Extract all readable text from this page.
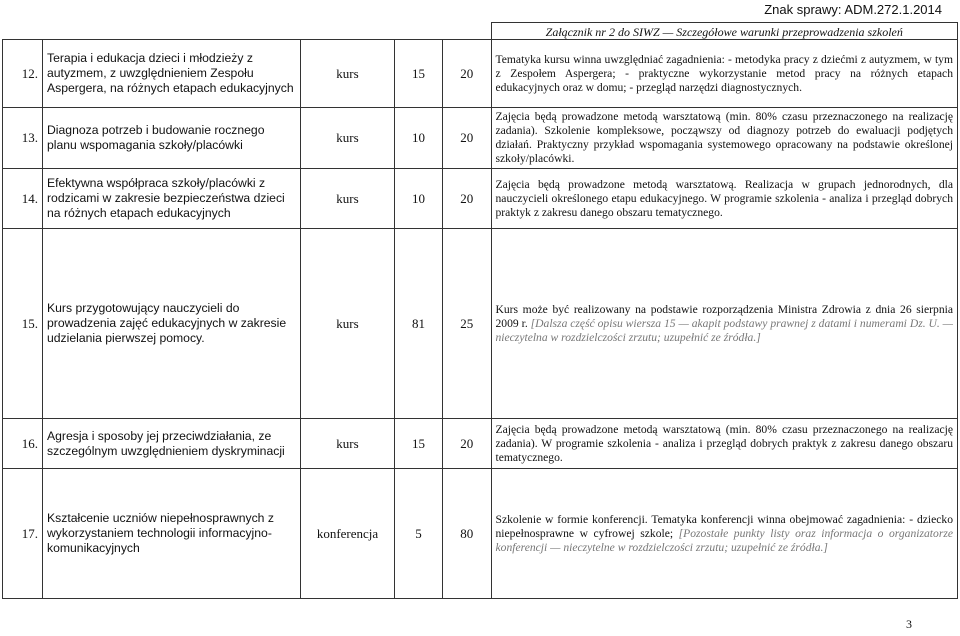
Znak sprawy: ADM.272.1.2014
					Załącznik nr 2 do SIWZ — Szczegółowe warunki przeprowadzenia szkoleń
12.	Terapia i edukacja dzieci i młodzieży z autyzmem, z uwzględnieniem Zespołu Aspergera, na różnych etapach edukacyjnych	kurs	15	20	Tematyka kursu winna uwzględniać zagadnienia: - metodyka pracy z dziećmi z autyzmem, w tym z Zespołem Aspergera; - praktyczne wykorzystanie metod pracy na różnych etapach edukacyjnych oraz w domu; - przegląd narzędzi diagnostycznych.
13.	Diagnoza potrzeb i budowanie rocznego planu wspomagania szkoły/placówki	kurs	10	20	Zajęcia będą prowadzone metodą warsztatową (min. 80% czasu przeznaczonego na realizację zadania). Szkolenie kompleksowe, począwszy od diagnozy potrzeb do ewaluacji podjętych działań. Praktyczny przykład wspomagania systemowego opracowany na podstawie określonej szkoły/placówki.
14.	Efektywna współpraca szkoły/placówki z rodzicami w zakresie bezpieczeństwa dzieci na różnych etapach edukacyjnych	kurs	10	20	Zajęcia będą prowadzone metodą warsztatową. Realizacja w grupach jednorodnych, dla nauczycieli określonego etapu edukacyjnego. W programie szkolenia - analiza i przegląd dobrych praktyk z zakresu danego obszaru tematycznego.
15.	Kurs przygotowujący nauczycieli do prowadzenia zajęć edukacyjnych w zakresie udzielania pierwszej pomocy.	kurs	81	25	Kurs może być realizowany na podstawie rozporządzenia Ministra Zdrowia z dnia 26 sierpnia 2009 r. [Dalsza część opisu wiersza 15 — akapit podstawy prawnej z datami i numerami Dz. U. — nieczytelna w rozdzielczości zrzutu; uzupełnić ze źródła.]
16.	Agresja i sposoby jej przeciwdziałania, ze szczególnym uwzględnieniem dyskryminacji	kurs	15	20	Zajęcia będą prowadzone metodą warsztatową (min. 80% czasu przeznaczonego na realizację zadania). W programie szkolenia - analiza i przegląd dobrych praktyk z zakresu danego obszaru tematycznego.
17.	Kształcenie uczniów niepełnosprawnych z wykorzystaniem technologii informacyjno-komunikacyjnych	konferencja	5	80	Szkolenie w formie konferencji. Tematyka konferencji winna obejmować zagadnienia: - dziecko niepełnosprawne w cyfrowej szkole; [Pozostałe punkty listy oraz informacja o organizatorze konferencji — nieczytelne w rozdzielczości zrzutu; uzupełnić ze źródła.]
3
